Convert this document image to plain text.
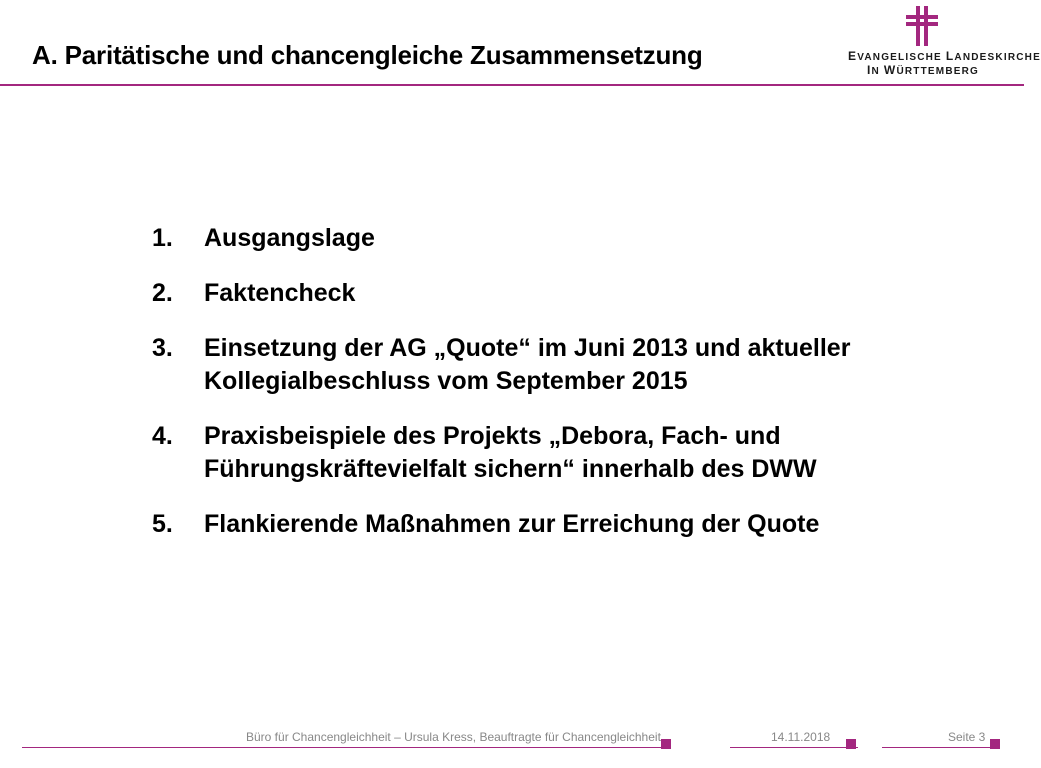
A. Paritätische und chancengleiche Zusammensetzung	EVANGELISCHE LANDESKIRCHE
IN WÜRTTEMBERG
1.	Ausgangslage
2.	Faktencheck
3.	Einsetzung der AG „Quote“ im Juni 2013 und aktueller Kollegialbeschluss vom September 2015
4.	Praxisbeispiele des Projekts „Debora, Fach- und Führungskräftevielfalt sichern“ innerhalb des DWW
5.	Flankierende Maßnahmen zur Erreichung der Quote
Büro für Chancengleichheit – Ursula Kress, Beauftragte für Chancengleichheit	14.11.2018	Seite 3
